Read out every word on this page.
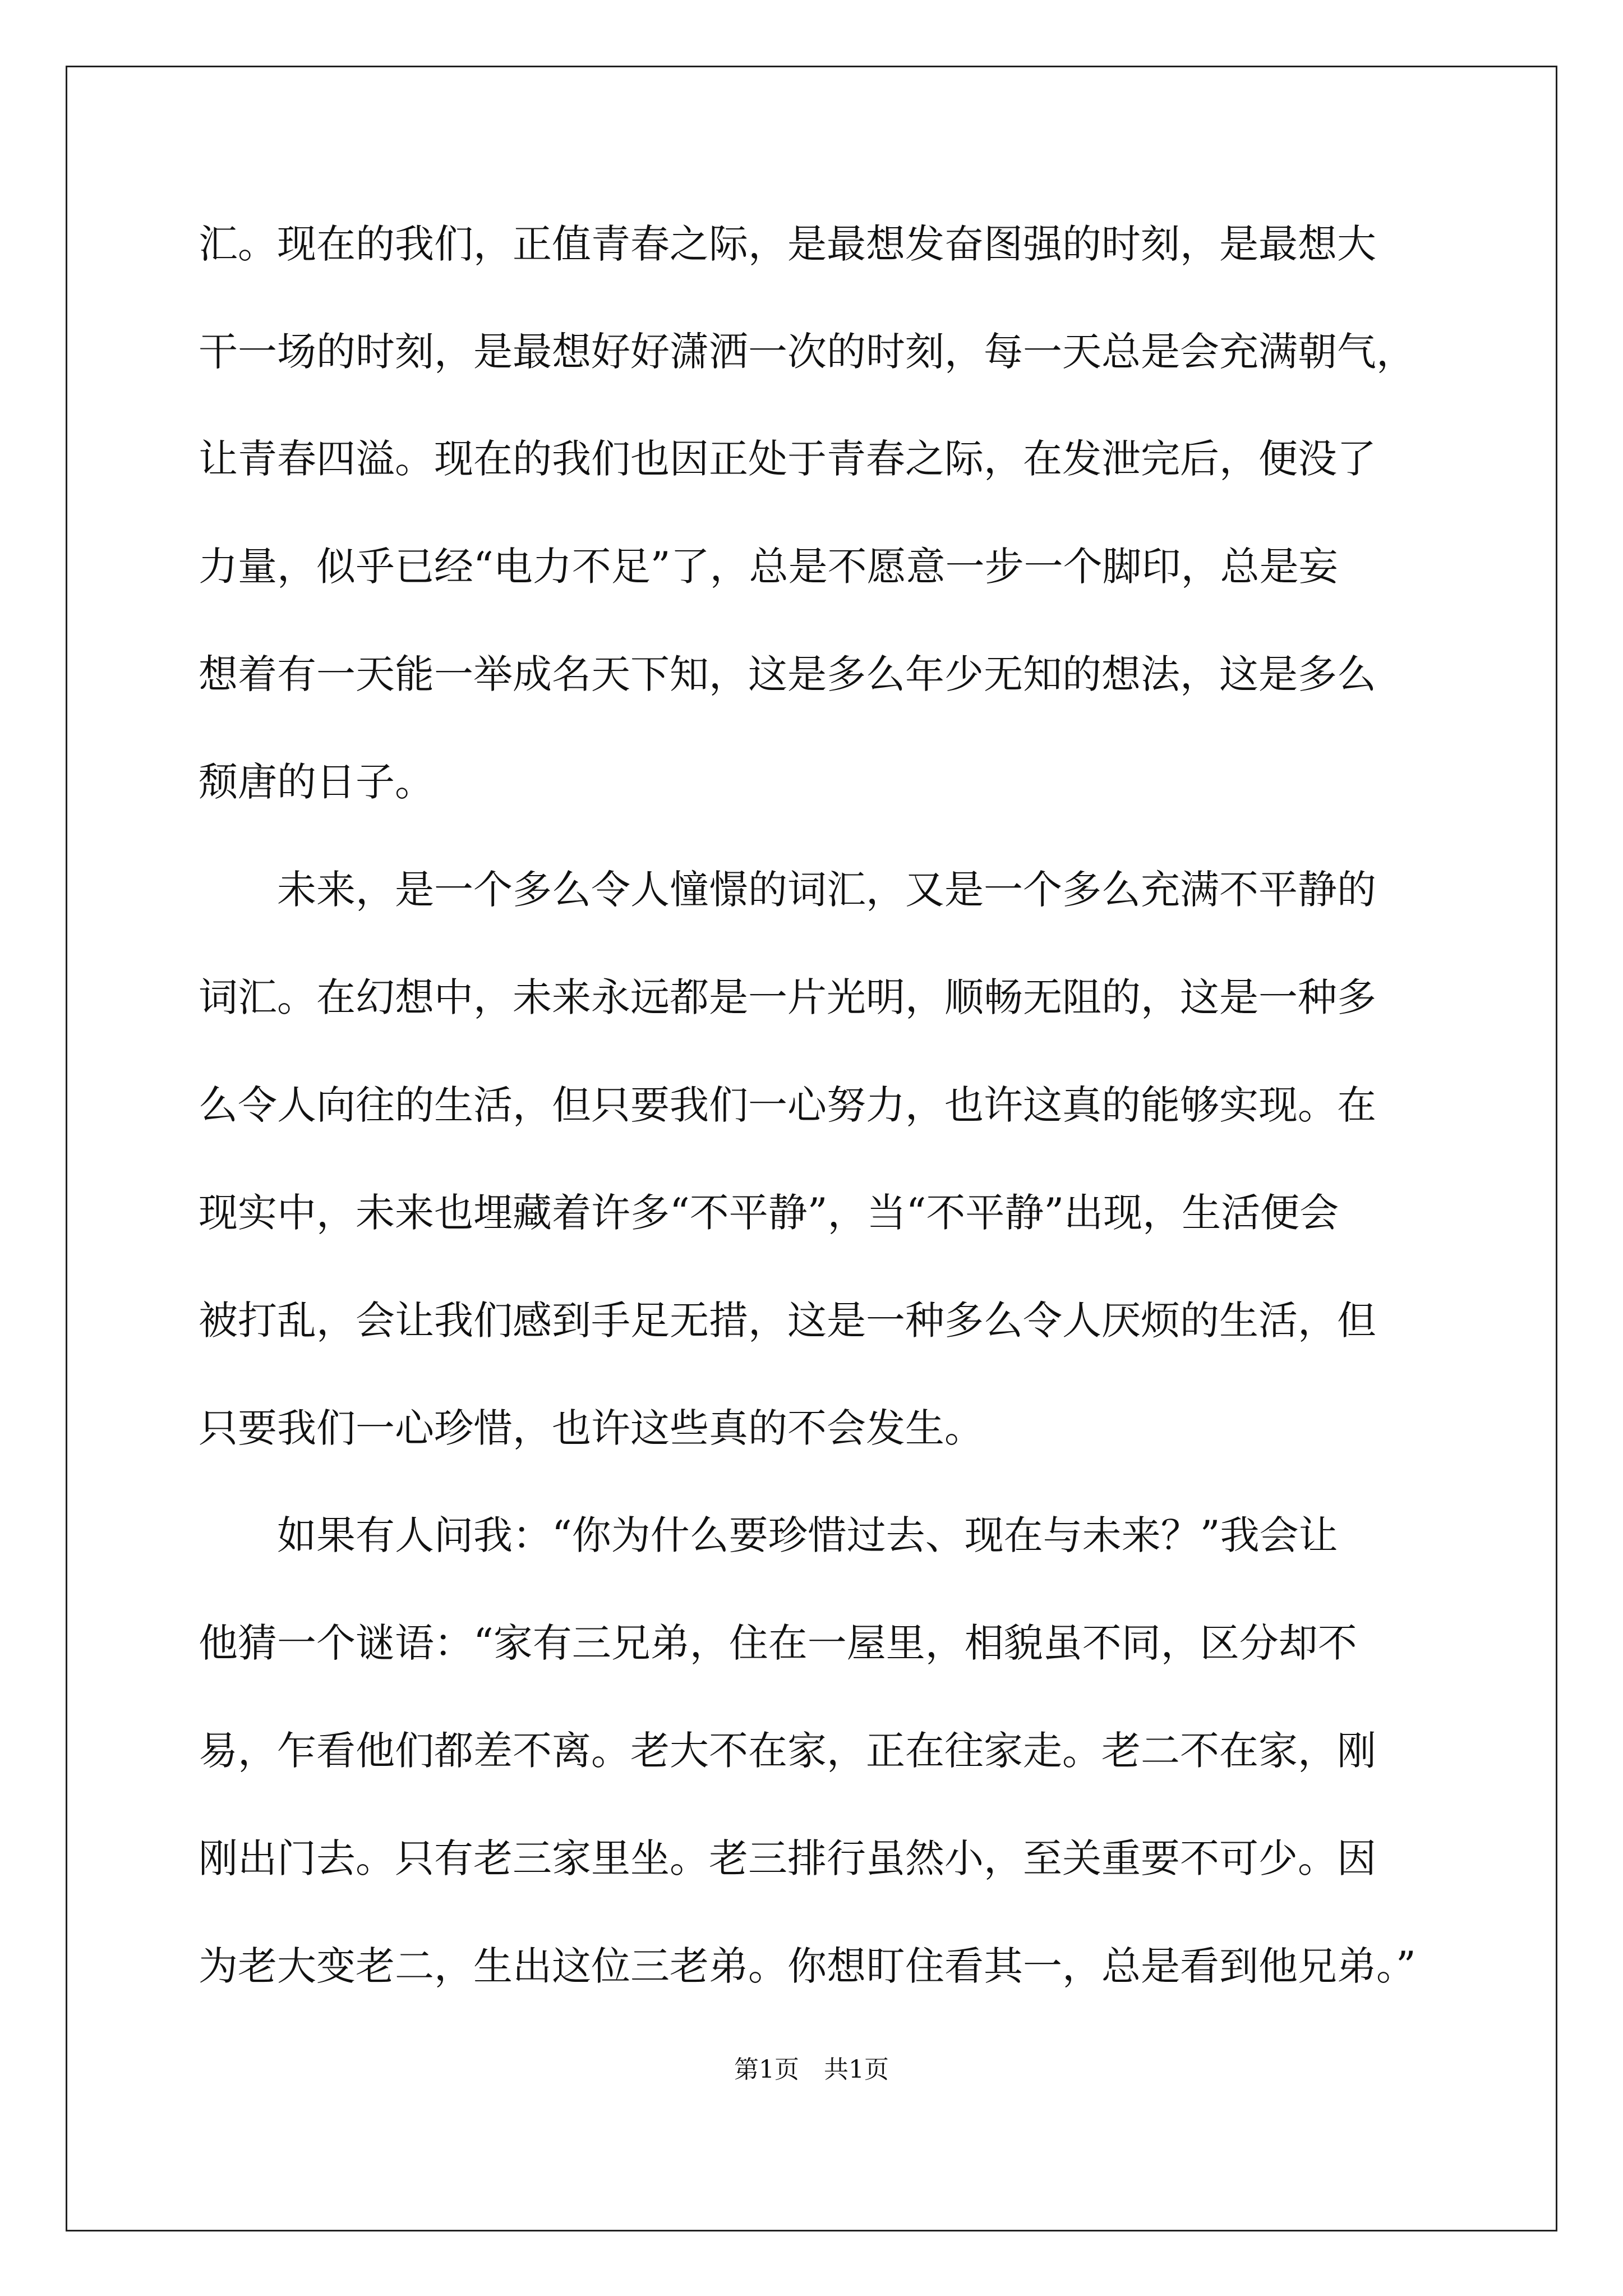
汇。现在的我们，正值青春之际，是最想发奋图强的时刻，是最想大
干一场的时刻，是最想好好潇洒一次的时刻，每一天总是会充满朝气，
让青春四溢。现在的我们也因正处于青春之际，在发泄完后，便没了
力量，似乎已经“电力不足”了，总是不愿意一步一个脚印，总是妄
想着有一天能一举成名天下知，这是多么年少无知的想法，这是多么
颓唐的日子。
　　未来，是一个多么令人憧憬的词汇，又是一个多么充满不平静的
词汇。在幻想中，未来永远都是一片光明，顺畅无阻的，这是一种多
么令人向往的生活，但只要我们一心努力，也许这真的能够实现。在
现实中，未来也埋藏着许多“不平静”，当“不平静”出现，生活便会
被打乱，会让我们感到手足无措，这是一种多么令人厌烦的生活，但
只要我们一心珍惜，也许这些真的不会发生。
　　如果有人问我：“你为什么要珍惜过去、现在与未来？”我会让
他猜一个谜语：“家有三兄弟，住在一屋里，相貌虽不同，区分却不
易，乍看他们都差不离。老大不在家，正在往家走。老二不在家，刚
刚出门去。只有老三家里坐。老三排行虽然小，至关重要不可少。因
为老大变老二，生出这位三老弟。你想盯住看其一，总是看到他兄弟。”
第1页　共1页
